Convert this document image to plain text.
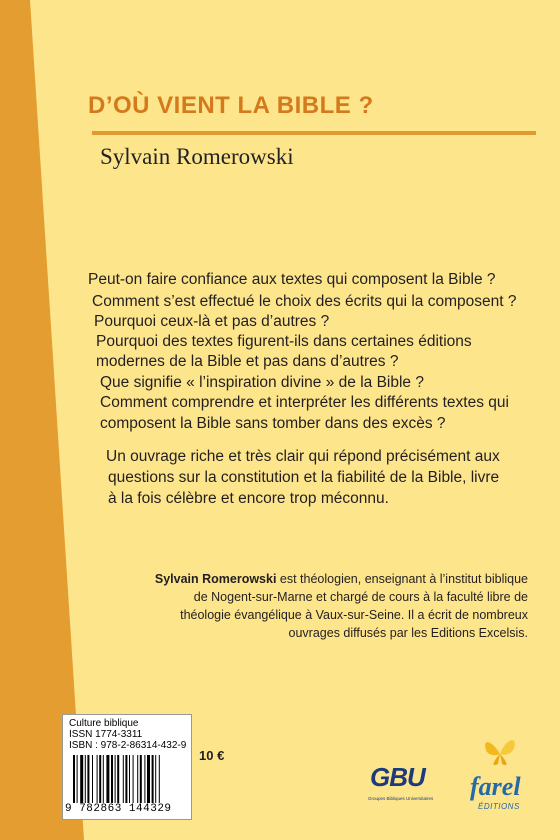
D’OÙ VIENT LA BIBLE ?
Sylvain Romerowski
Peut-on faire confiance aux textes qui composent la Bible ?
Comment s’est effectué le choix des écrits qui la composent ?
Pourquoi ceux-là et pas d’autres ?
Pourquoi des textes figurent-ils dans certaines éditions
modernes de la Bible et pas dans d’autres ?
Que signifie « l’inspiration divine » de la Bible ?
Comment comprendre et interpréter les différents textes qui
composent la Bible sans tomber dans des excès ?
Un ouvrage riche et très clair qui répond précisément aux
questions sur la constitution et la fiabilité de la Bible, livre
à la fois célèbre et encore trop méconnu.
Sylvain Romerowski est théologien, enseignant à l’institut biblique
de Nogent-sur-Marne et chargé de cours à la faculté libre de
théologie évangélique à Vaux-sur-Seine. Il a écrit de nombreux
ouvrages diffusés par les Editions Excelsis.
Culture biblique
ISSN 1774-3311
ISBN : 978-2-86314-432-9
9 782863 144329
10 €
GBU
Groupes Bibliques Universitaires farel
ÉDITIONS
